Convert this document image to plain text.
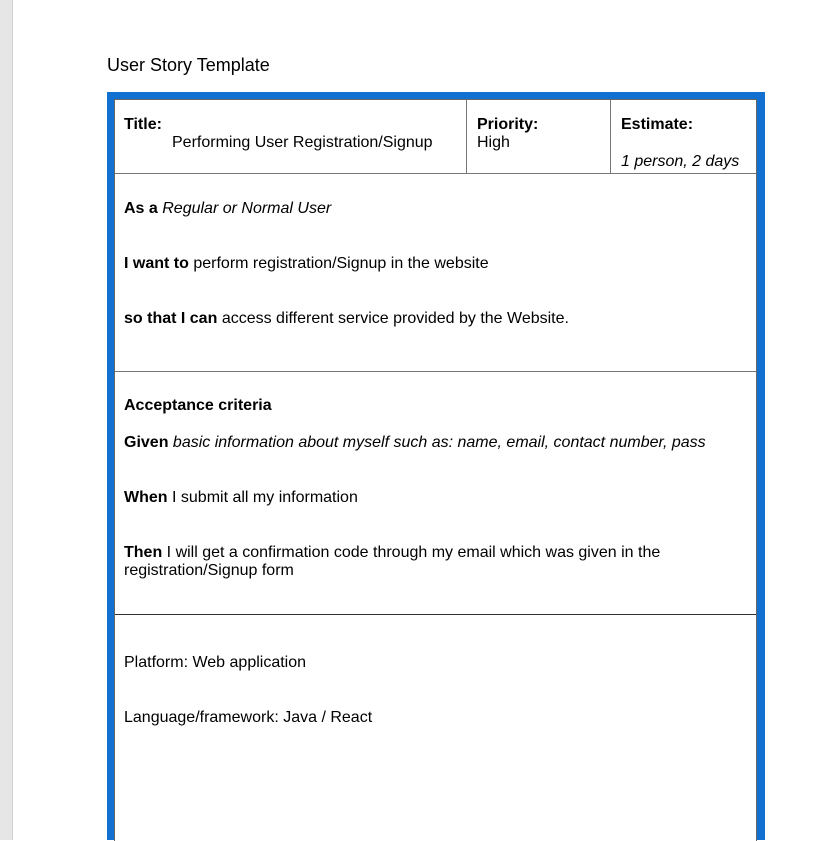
User Story Template
Title:
Performing User Registration/Signup
Priority:
High
Estimate:
1 person, 2 days
As a Regular or Normal User
I want to perform registration/Signup in the website
so that I can access different service provided by the Website.
Acceptance criteria
Given basic information about myself such as: name, email, contact number, pass
When I submit all my information
Then I will get a confirmation code through my email which was given in the registration/Signup form
Platform: Web application
Language/framework: Java / React
